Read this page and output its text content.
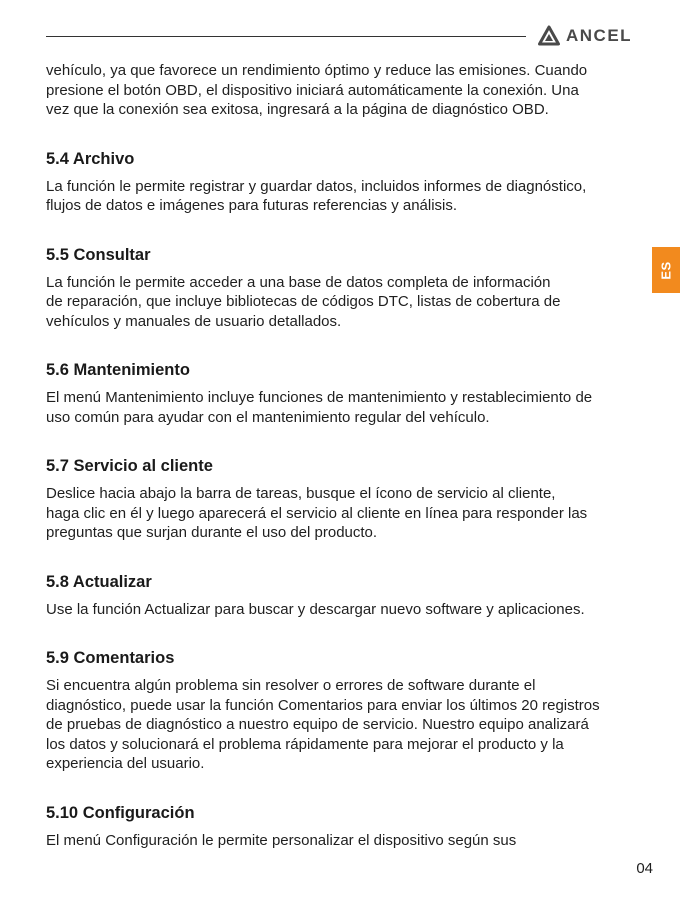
ANCEL
ES

vehículo, ya que favorece un rendimiento óptimo y reduce las emisiones. Cuando
presione el botón OBD, el dispositivo iniciará automáticamente la conexión. Una
vez que la conexión sea exitosa, ingresará a la página de diagnóstico OBD.

5.4 Archivo

La función le permite registrar y guardar datos, incluidos informes de diagnóstico,
flujos de datos e imágenes para futuras referencias y análisis.

5.5 Consultar

La función le permite acceder a una base de datos completa de información
de reparación, que incluye bibliotecas de códigos DTC, listas de cobertura de
vehículos y manuales de usuario detallados.

5.6 Mantenimiento

El menú Mantenimiento incluye funciones de mantenimiento y restablecimiento de
uso común para ayudar con el mantenimiento regular del vehículo.

5.7 Servicio al cliente

Deslice hacia abajo la barra de tareas, busque el ícono de servicio al cliente,
haga clic en él y luego aparecerá el servicio al cliente en línea para responder las
preguntas que surjan durante el uso del producto.

5.8 Actualizar

Use la función Actualizar para buscar y descargar nuevo software y aplicaciones.

5.9 Comentarios

Si encuentra algún problema sin resolver o errores de software durante el
diagnóstico, puede usar la función Comentarios para enviar los últimos 20 registros
de pruebas de diagnóstico a nuestro equipo de servicio. Nuestro equipo analizará
los datos y solucionará el problema rápidamente para mejorar el producto y la
experiencia del usuario.

5.10 Configuración

El menú Configuración le permite personalizar el dispositivo según sus

04
